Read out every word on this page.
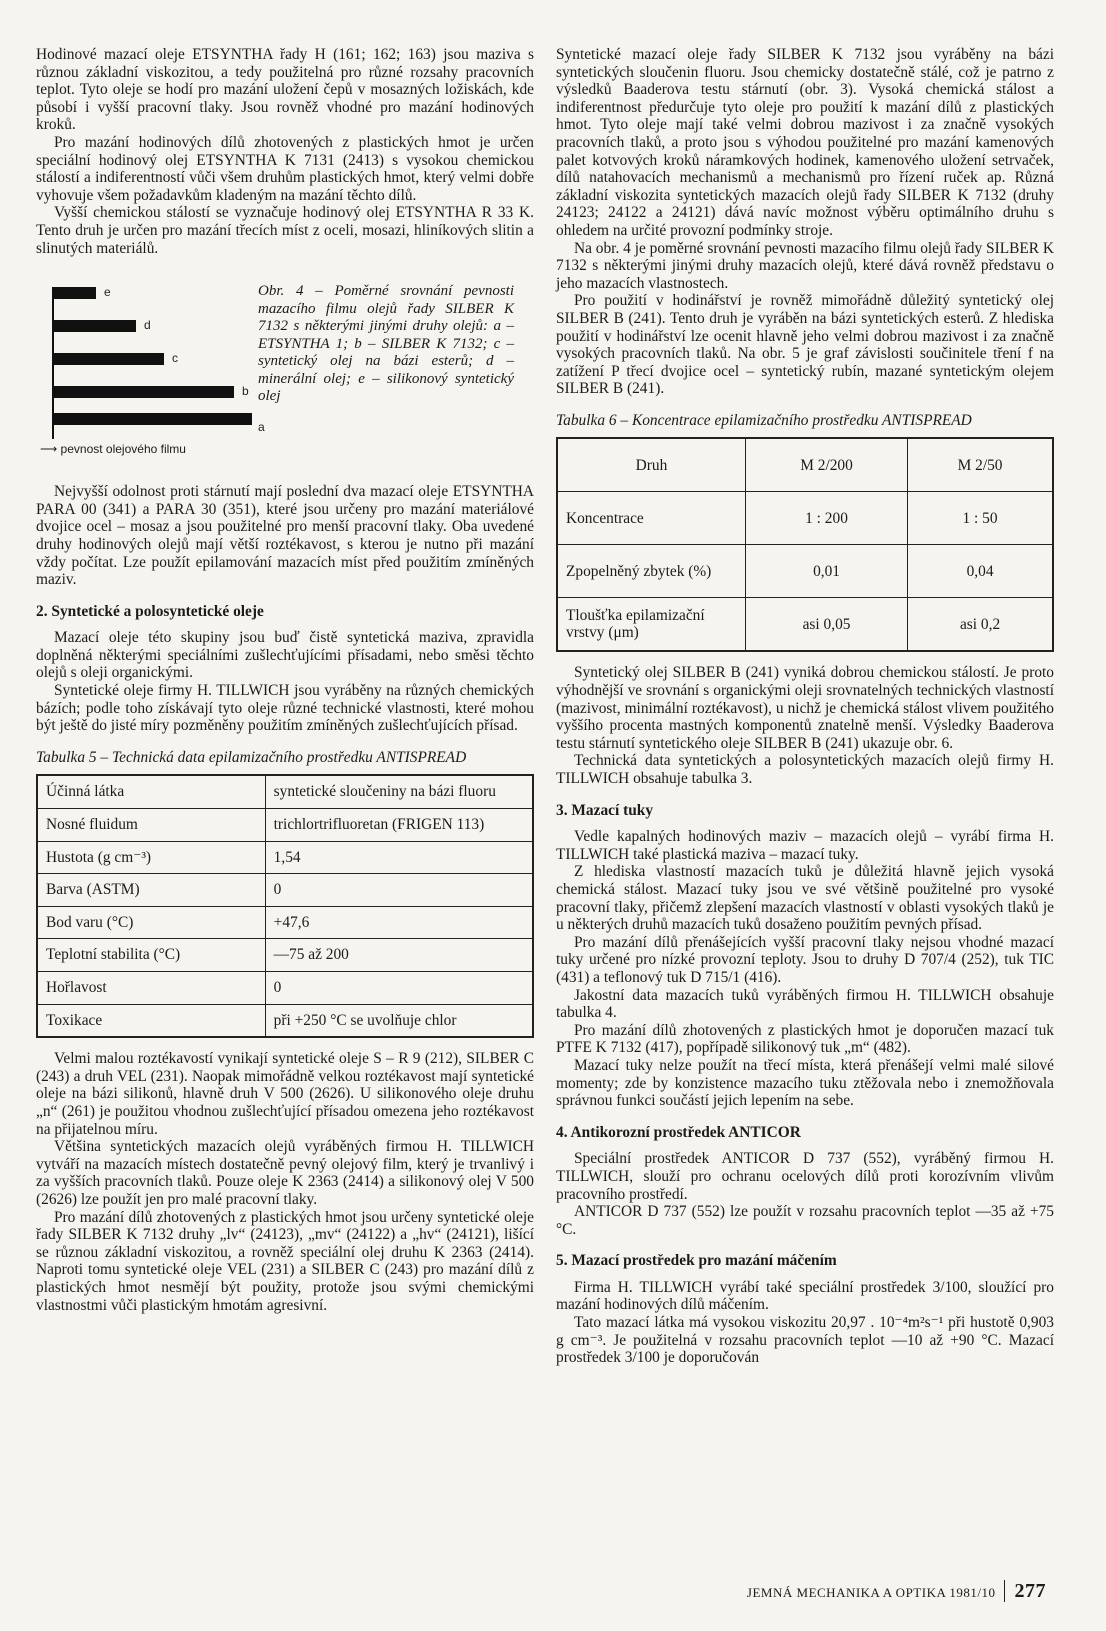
Hodinové mazací oleje ETSYNTHA řady H (161; 162; 163) jsou maziva s různou základní viskozitou, a tedy použitelná pro různé rozsahy pracovních teplot. Tyto oleje se hodí pro mazání uložení čepů v mosazných ložiskách, kde působí i vyšší pracovní tlaky. Jsou rovněž vhodné pro mazání hodinových kroků.

Pro mazání hodinových dílů zhotovených z plastických hmot je určen speciální hodinový olej ETSYNTHA K 7131 (2413) s vysokou chemickou stálostí a indiferentností vůči všem druhům plastických hmot, který velmi dobře vyhovuje všem požadavkům kladeným na mazání těchto dílů.

Vyšší chemickou stálostí se vyznačuje hodinový olej ETSYNTHA R 33 K. Tento druh je určen pro mazání třecích míst z oceli, mosazi, hliníkových slitin a slinutých materiálů.

e
d
c
b
a
⟶ pevnost olejového filmu
Obr. 4 – Poměrné srovnání pevnosti mazacího filmu olejů řady SILBER K 7132 s některými jinými druhy olejů: a – ETSYNTHA 1; b – SILBER K 7132; c – syntetický olej na bázi esterů; d – minerální olej; e – silikonový syntetický olej

Nejvyšší odolnost proti stárnutí mají poslední dva mazací oleje ETSYNTHA PARA 00 (341) a PARA 30 (351), které jsou určeny pro mazání materiálové dvojice ocel – mosaz a jsou použitelné pro menší pracovní tlaky. Oba uvedené druhy hodinových olejů mají větší roztékavost, s kterou je nutno při mazání vždy počítat. Lze použít epilamování mazacích míst před použitím zmíněných maziv.

2. Syntetické a polosyntetické oleje

Mazací oleje této skupiny jsou buď čistě syntetická maziva, zpravidla doplněná některými speciálními zušlechťujícími přísadami, nebo směsi těchto olejů s oleji organickými.

Syntetické oleje firmy H. TILLWICH jsou vyráběny na různých chemických bázích; podle toho získávají tyto oleje různé technické vlastnosti, které mohou být ještě do jisté míry pozměněny použitím zmíněných zušlechťujících přísad.

Tabulka 5 – Technická data epilamizačního prostředku ANTISPREAD

Účinná látka	syntetické sloučeniny na bázi fluoru
Nosné fluidum	trichlortrifluoretan (FRIGEN 113)
Hustota (g cm⁻³)	1,54
Barva (ASTM)	0
Bod varu (°C)	+47,6
Teplotní stabilita (°C)	—75 až 200
Hořlavost	0
Toxikace	při +250 °C se uvolňuje chlor

Velmi malou roztékavostí vynikají syntetické oleje S – R 9 (212), SILBER C (243) a druh VEL (231). Naopak mimořádně velkou roztékavost mají syntetické oleje na bázi silikonů, hlavně druh V 500 (2626). U silikonového oleje druhu „n“ (261) je použitou vhodnou zušlechťující přísadou omezena jeho roztékavost na přijatelnou míru.

Většina syntetických mazacích olejů vyráběných firmou H. TILLWICH vytváří na mazacích místech dostatečně pevný olejový film, který je trvanlivý i za vyšších pracovních tlaků. Pouze oleje K 2363 (2414) a silikonový olej V 500 (2626) lze použít jen pro malé pracovní tlaky.

Pro mazání dílů zhotovených z plastických hmot jsou určeny syntetické oleje řady SILBER K 7132 druhy „lv“ (24123), „mv“ (24122) a „hv“ (24121), lišící se různou základní viskozitou, a rovněž speciální olej druhu K 2363 (2414). Naproti tomu syntetické oleje VEL (231) a SILBER C (243) pro mazání dílů z plastických hmot nesmějí být použity, protože jsou svými chemickými vlastnostmi vůči plastickým hmotám agresivní.

Syntetické mazací oleje řady SILBER K 7132 jsou vyráběny na bázi syntetických sloučenin fluoru. Jsou chemicky dostatečně stálé, což je patrno z výsledků Baaderova testu stárnutí (obr. 3). Vysoká chemická stálost a indiferentnost předurčuje tyto oleje pro použití k mazání dílů z plastických hmot. Tyto oleje mají také velmi dobrou mazivost i za značně vysokých pracovních tlaků, a proto jsou s výhodou použitelné pro mazání kamenových palet kotvových kroků náramkových hodinek, kamenového uložení setrvaček, dílů natahovacích mechanismů a mechanismů pro řízení ruček ap. Různá základní viskozita syntetických mazacích olejů řady SILBER K 7132 (druhy 24123; 24122 a 24121) dává navíc možnost výběru optimálního druhu s ohledem na určité provozní podmínky stroje.

Na obr. 4 je poměrné srovnání pevnosti mazacího filmu olejů řady SILBER K 7132 s některými jinými druhy mazacích olejů, které dává rovněž představu o jeho mazacích vlastnostech.

Pro použití v hodinářství je rovněž mimořádně důležitý syntetický olej SILBER B (241). Tento druh je vyráběn na bázi syntetických esterů. Z hlediska použití v hodinářství lze ocenit hlavně jeho velmi dobrou mazivost i za značně vysokých pracovních tlaků. Na obr. 5 je graf závislosti součinitele tření f na zatížení P třecí dvojice ocel – syntetický rubín, mazané syntetickým olejem SILBER B (241).

Tabulka 6 – Koncentrace epilamizačního prostředku ANTISPREAD

Druh	M 2/200	M 2/50
Koncentrace	1 : 200	1 : 50
Zpopelněný zbytek (%)	0,01	0,04
Tloušťka epilamizační vrstvy (μm)	asi 0,05	asi 0,2

Syntetický olej SILBER B (241) vyniká dobrou chemickou stálostí. Je proto výhodnější ve srovnání s organickými oleji srovnatelných technických vlastností (mazivost, minimální roztékavost), u nichž je chemická stálost vlivem použitého vyššího procenta mastných komponentů znatelně menší. Výsledky Baaderova testu stárnutí syntetického oleje SILBER B (241) ukazuje obr. 6.

Technická data syntetických a polosyntetických mazacích olejů firmy H. TILLWICH obsahuje tabulka 3.

3. Mazací tuky

Vedle kapalných hodinových maziv – mazacích olejů – vyrábí firma H. TILLWICH také plastická maziva – mazací tuky.

Z hlediska vlastností mazacích tuků je důležitá hlavně jejich vysoká chemická stálost. Mazací tuky jsou ve své většině použitelné pro vysoké pracovní tlaky, přičemž zlepšení mazacích vlastností v oblasti vysokých tlaků je u některých druhů mazacích tuků dosaženo použitím pevných přísad.

Pro mazání dílů přenášejících vyšší pracovní tlaky nejsou vhodné mazací tuky určené pro nízké provozní teploty. Jsou to druhy D 707/4 (252), tuk TIC (431) a teflonový tuk D 715/1 (416).

Jakostní data mazacích tuků vyráběných firmou H. TILLWICH obsahuje tabulka 4.

Pro mazání dílů zhotovených z plastických hmot je doporučen mazací tuk PTFE K 7132 (417), popřípadě silikonový tuk „m“ (482).

Mazací tuky nelze použít na třecí místa, která přenášejí velmi malé silové momenty; zde by konzistence mazacího tuku ztěžovala nebo i znemožňovala správnou funkci součástí jejich lepením na sebe.

4. Antikorozní prostředek ANTICOR

Speciální prostředek ANTICOR D 737 (552), vyráběný firmou H. TILLWICH, slouží pro ochranu ocelových dílů proti korozívním vlivům pracovního prostředí.

ANTICOR D 737 (552) lze použít v rozsahu pracovních teplot —35 až +75 °C.

5. Mazací prostředek pro mazání máčením

Firma H. TILLWICH vyrábí také speciální prostředek 3/100, sloužící pro mazání hodinových dílů máčením.

Tato mazací látka má vysokou viskozitu 20,97 . 10⁻⁴m²s⁻¹ při hustotě 0,903 g cm⁻³. Je použitelná v rozsahu pracovních teplot —10 až +90 °C. Mazací prostředek 3/100 je doporučován

JEMNÁ MECHANIKA A OPTIKA 1981/10 277
